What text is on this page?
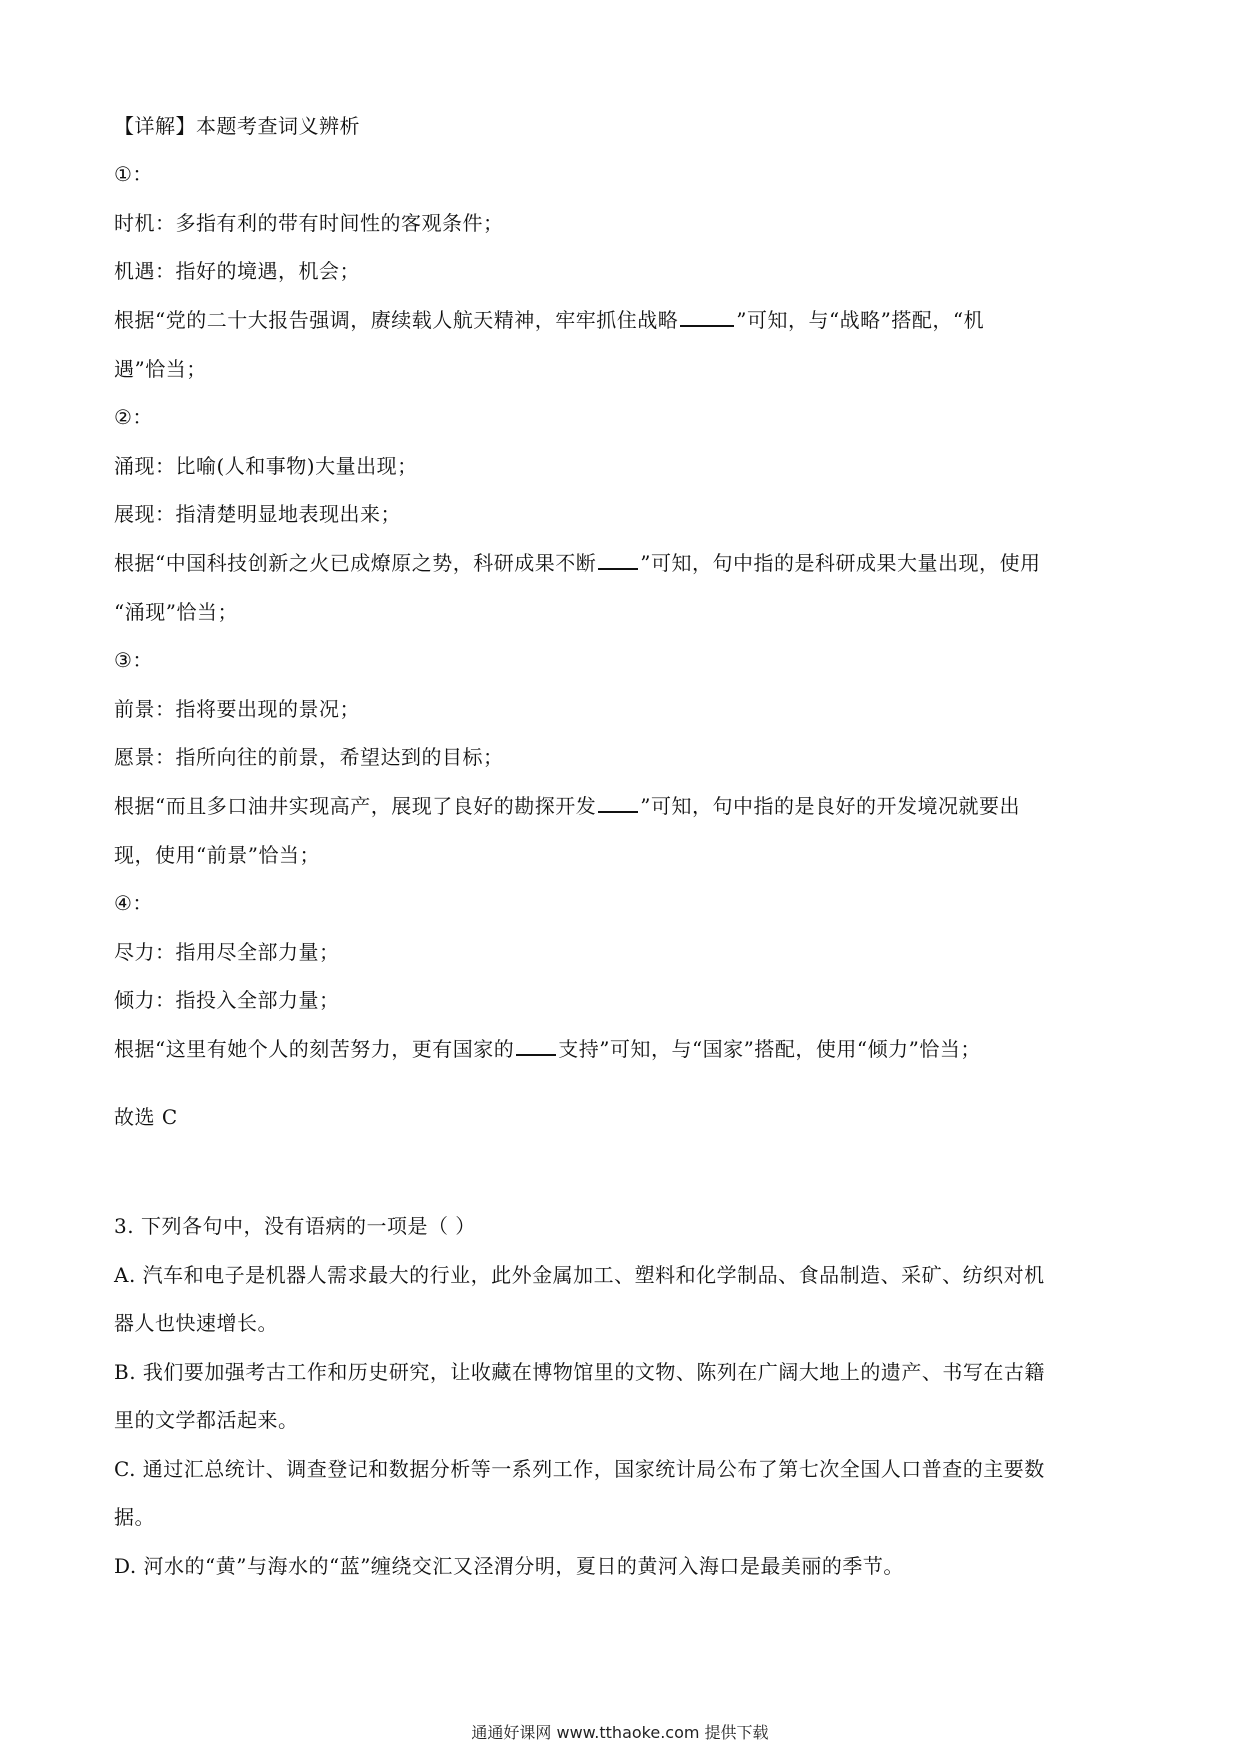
【详解】本题考查词义辨析
①：
时机：多指有利的带有时间性的客观条件；
机遇：指好的境遇，机会；
根据“党的二十大报告强调，赓续载人航天精神，牢牢抓住战略	”可知，与“战略”搭配，“机
遇”恰当；
②：
涌现：比喻(人和事物)大量出现；
展现：指清楚明显地表现出来；
根据“中国科技创新之火已成燎原之势，科研成果不断 ”可知，句中指的是科研成果大量出现，使用
“涌现”恰当；
③：
前景：指将要出现的景况；
愿景：指所向往的前景，希望达到的目标；
根据“而且多口油井实现高产，展现了良好的勘探开发 ”可知，句中指的是良好的开发境况就要出
现，使用“前景”恰当；
④：
尽力：指用尽全部力量；
倾力：指投入全部力量；
根据“这里有她个人的刻苦努力，更有国家的 支持”可知，与“国家”搭配，使用“倾力”恰当；
故选 C
3. 下列各句中，没有语病的一项是（ ）
A. 汽车和电子是机器人需求最大的行业，此外金属加工、塑料和化学制品、食品制造、采矿、纺织对机
器人也快速增长。
B. 我们要加强考古工作和历史研究，让收藏在博物馆里的文物、陈列在广阔大地上的遗产、书写在古籍
里的文学都活起来。
C. 通过汇总统计、调查登记和数据分析等一系列工作，国家统计局公布了第七次全国人口普查的主要数
据。
D. 河水的“黄”与海水的“蓝”缠绕交汇又泾渭分明，夏日的黄河入海口是最美丽的季节。
通通好课网 www.tthaoke.com 提供下载
